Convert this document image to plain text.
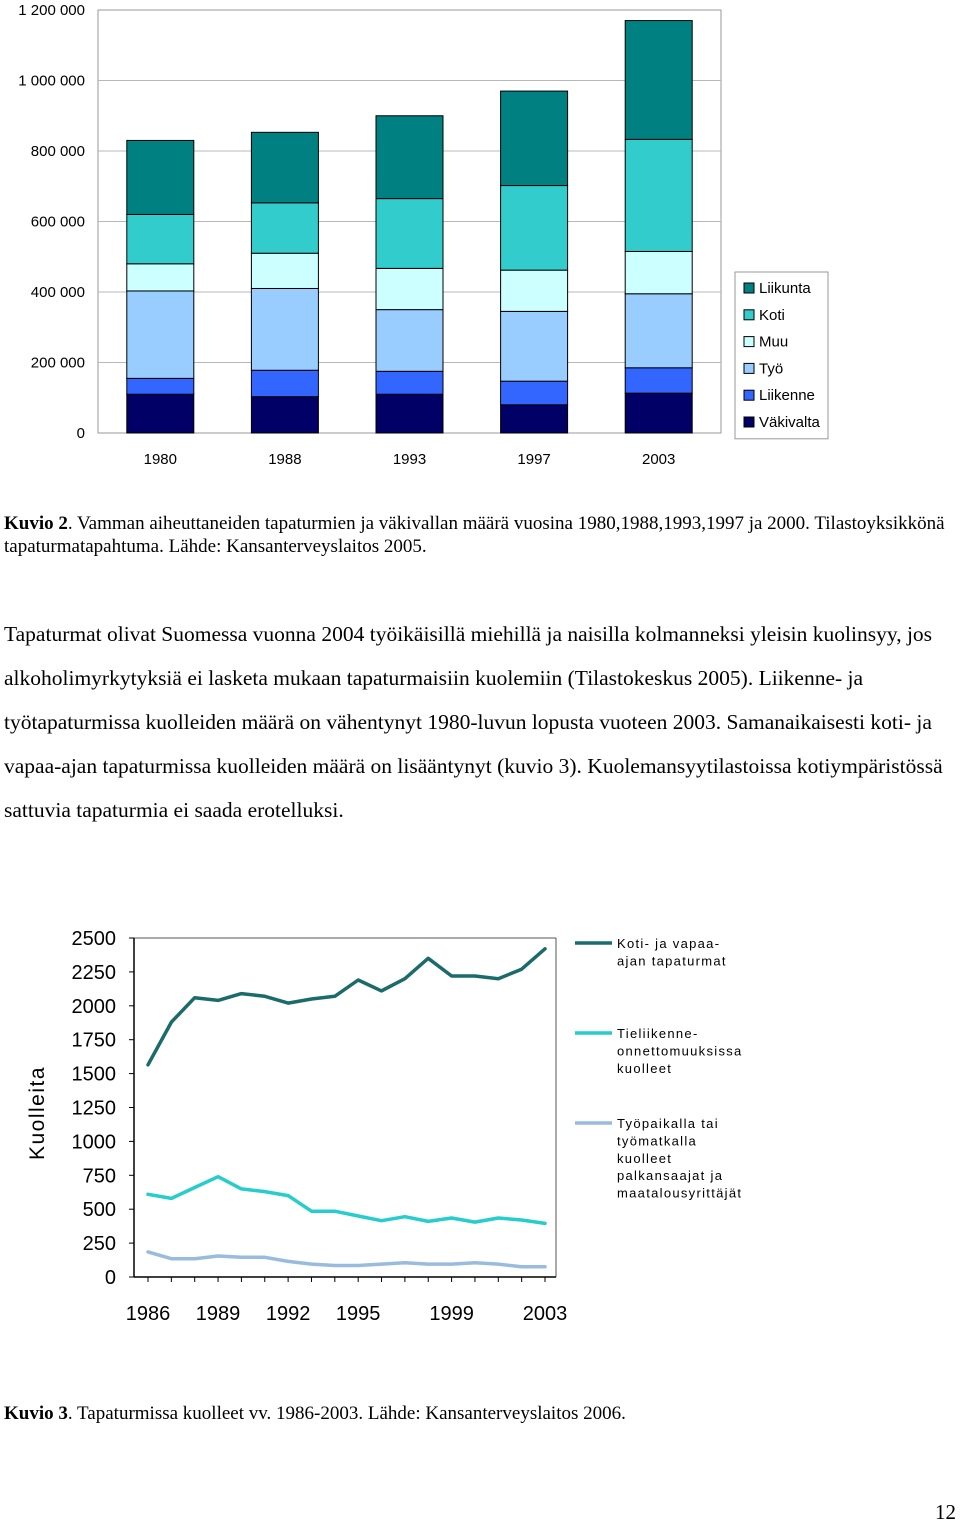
0
200 000
400 000
600 000
800 000
1 000 000
1 200 000
1980	1988	1993	1997	2003
Liikunta
Koti
Muu
Työ
Liikenne
Väkivalta
Kuvio 2. Vamman aiheuttaneiden tapaturmien ja väkivallan määrä vuosina 1980,1988,1993,1997 ja 2000. Tilastoyksikkönä tapaturmatapahtuma. Lähde: Kansanterveyslaitos 2005.
Tapaturmat olivat Suomessa vuonna 2004 työikäisillä miehillä ja naisilla kolmanneksi yleisin kuolinsyy, jos alkoholimyrkytyksiä ei lasketa mukaan tapaturmaisiin kuolemiin (Tilastokeskus 2005). Liikenne- ja työtapaturmissa kuolleiden määrä on vähentynyt 1980-luvun lopusta vuoteen 2003. Samanaikaisesti koti- ja vapaa-ajan tapaturmissa kuolleiden määrä on lisääntynyt (kuvio 3). Kuolemansyytilastoissa kotiympäristössä sattuvia tapaturmia ei saada erotelluksi.
0
250
500
750
1000
1250
1500
1750
2000
2250
2500
1986 1989 1992 1995 1999 2003
Kuolleita
Koti- ja vapaa-ajan tapaturmat
Tieliikenne-onnettomuuksissa kuolleet
Työpaikalla tai työmatkalla kuolleet palkansaajat ja maatalousyrittäjät
Kuvio 3. Tapaturmissa kuolleet vv. 1986-2003. Lähde: Kansanterveyslaitos 2006.
12
